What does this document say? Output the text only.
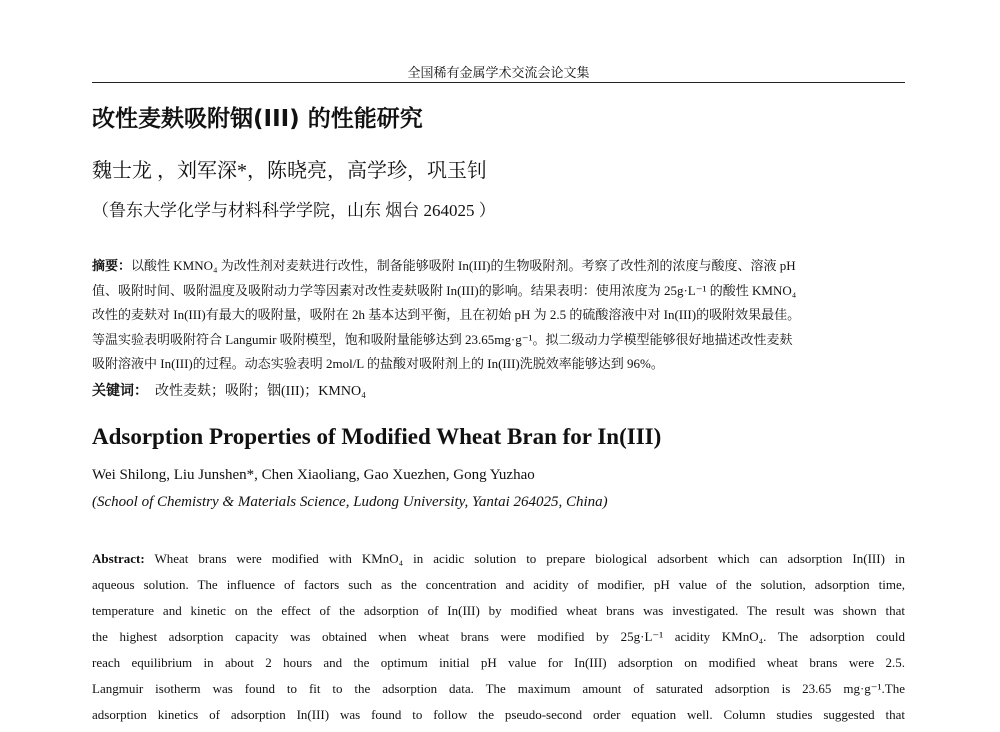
全国稀有金属学术交流会论文集
改性麦麸吸附铟(III) 的性能研究
魏士龙 ，刘军深*，陈晓亮，高学珍，巩玉钊
（鲁东大学化学与材料科学学院，山东 烟台 264025 ）
摘要：以酸性 KMNO₄ 为改性剂对麦麸进行改性，制备能够吸附 In(III)的生物吸附剂。考察了改性剂的浓度与酸度、溶液 pH
值、吸附时间、吸附温度及吸附动力学等因素对改性麦麸吸附 In(III)的影响。结果表明：使用浓度为 25g·L⁻¹ 的酸性 KMNO₄
改性的麦麸对 In(III)有最大的吸附量，吸附在 2h 基本达到平衡，且在初始 pH 为 2.5 的硫酸溶液中对 In(III)的吸附效果最佳。
等温实验表明吸附符合 Langumir 吸附模型，饱和吸附量能够达到 23.65mg·g⁻¹。拟二级动力学模型能够很好地描述改性麦麸
吸附溶液中 In(III)的过程。动态实验表明 2mol/L 的盐酸对吸附剂上的 In(III)洗脱效率能够达到 96%。
关键词： 改性麦麸；吸附；铟(III)；KMNO₄
Adsorption Properties of Modified Wheat Bran for In(III)
Wei Shilong, Liu Junshen*, Chen Xiaoliang, Gao Xuezhen, Gong Yuzhao
(School of Chemistry & Materials Science, Ludong University, Yantai 264025, China)
Abstract: Wheat brans were modified with KMnO₄ in acidic solution to prepare biological adsorbent which can adsorption In(III) in
aqueous solution. The influence of factors such as the concentration and acidity of modifier, pH value of the solution, adsorption time,
temperature and kinetic on the effect of the adsorption of In(III) by modified wheat brans was investigated. The result was shown that
the highest adsorption capacity was obtained when wheat brans were modified by 25g·L⁻¹ acidity KMnO₄. The adsorption could
reach equilibrium in about 2 hours and the optimum initial pH value for In(III) adsorption on modified wheat brans were 2.5.
Langmuir isotherm was found to fit to the adsorption data. The maximum amount of saturated adsorption is 23.65 mg·g⁻¹.The
adsorption kinetics of adsorption In(III) was found to follow the pseudo-second order equation well. Column studies suggested that
